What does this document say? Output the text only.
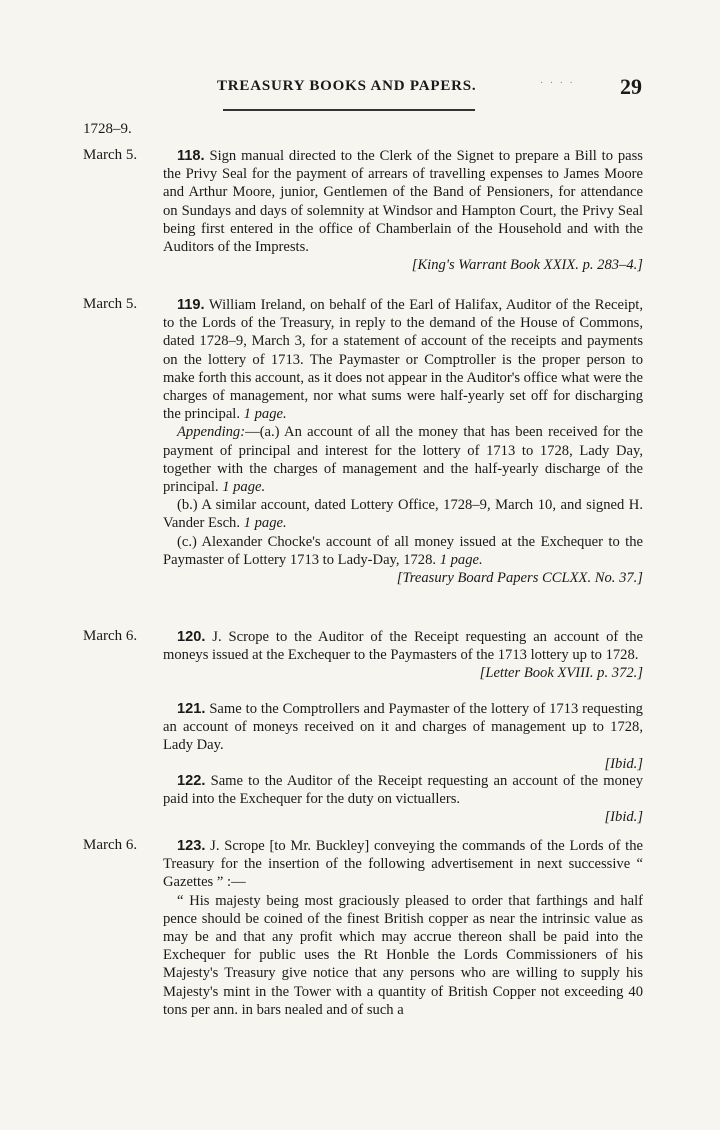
TREASURY BOOKS AND PAPERS.	· · · · 29
1728–9.
March 5.	118. Sign manual directed to the Clerk of the Signet to prepare a Bill to pass the Privy Seal for the payment of arrears of travelling expenses to James Moore and Arthur Moore, junior, Gentlemen of the Band of Pensioners, for attendance on Sundays and days of solemnity at Windsor and Hampton Court, the Privy Seal being first entered in the office of Chamberlain of the Household and with the Auditors of the Imprests.

[King's Warrant Book XXIX. p. 283–4.]

March 5.	119. William Ireland, on behalf of the Earl of Halifax, Auditor of the Receipt, to the Lords of the Treasury, in reply to the demand of the House of Commons, dated 1728–9, March 3, for a statement of account of the receipts and payments on the lottery of 1713. The Paymaster or Comptroller is the proper person to make forth this account, as it does not appear in the Auditor's office what were the charges of management, nor what sums were half-yearly set off for discharging the principal. 1 page.

Appending:—(a.) An account of all the money that has been received for the payment of principal and interest for the lottery of 1713 to 1728, Lady Day, together with the charges of management and the half-yearly discharge of the principal. 1 page.

(b.) A similar account, dated Lottery Office, 1728–9, March 10, and signed H. Vander Esch. 1 page.

(c.) Alexander Chocke's account of all money issued at the Exchequer to the Paymaster of Lottery 1713 to Lady-Day, 1728. 1 page.

[Treasury Board Papers CCLXX. No. 37.]

March 6.	120. J. Scrope to the Auditor of the Receipt requesting an account of the moneys issued at the Exchequer to the Paymasters of the 1713 lottery up to 1728.

[Letter Book XVIII. p. 372.]

121. Same to the Comptrollers and Paymaster of the lottery of 1713 requesting an account of moneys received on it and charges of management up to 1728, Lady Day.

[Ibid.]

122. Same to the Auditor of the Receipt requesting an account of the money paid into the Exchequer for the duty on victuallers.

[Ibid.]

March 6.	123. J. Scrope [to Mr. Buckley] conveying the commands of the Lords of the Treasury for the insertion of the following advertisement in next successive “ Gazettes ” :—

“ His majesty being most graciously pleased to order that farthings and half pence should be coined of the finest British copper as near the intrinsic value as may be and that any profit which may accrue thereon shall be paid into the Exchequer for public uses the Rt Honble the Lords Commissioners of his Majesty's Treasury give notice that any persons who are willing to supply his Majesty's mint in the Tower with a quantity of British Copper not exceeding 40 tons per ann. in bars nealed and of such a
